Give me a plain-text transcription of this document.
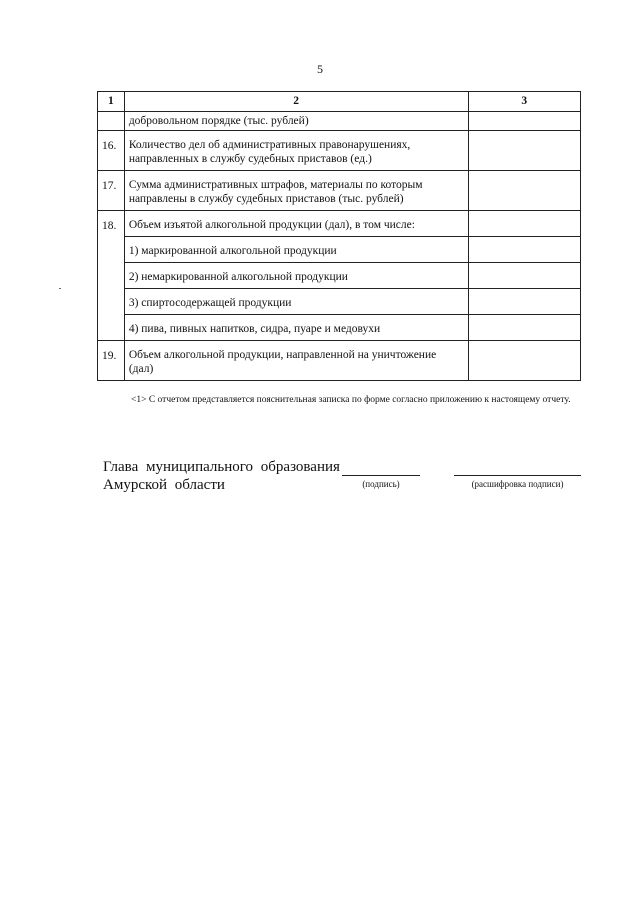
5
1	2	3
	добровольном порядке (тыс. рублей)	
16.	Количество дел об административных правонарушениях, направленных в службу судебных приставов (ед.)	
17.	Сумма административных штрафов, материалы по которым направлены в службу судебных приставов (тыс. рублей)	
18.	Объем изъятой алкогольной продукции (дал), в том числе:	
	1) маркированной алкогольной продукции	
	2) немаркированной алкогольной продукции	
	3) спиртосодержащей продукции	
	4) пива, пивных напитков, сидра, пуаре и медовухи	
19.	Объем алкогольной продукции, направленной на уничтожение (дал)	
<1> С отчетом представляется пояснительная записка по форме согласно приложению к настоящему отчету.
Глава муниципального образования
Амурской области	(подпись)	(расшифровка подписи)
